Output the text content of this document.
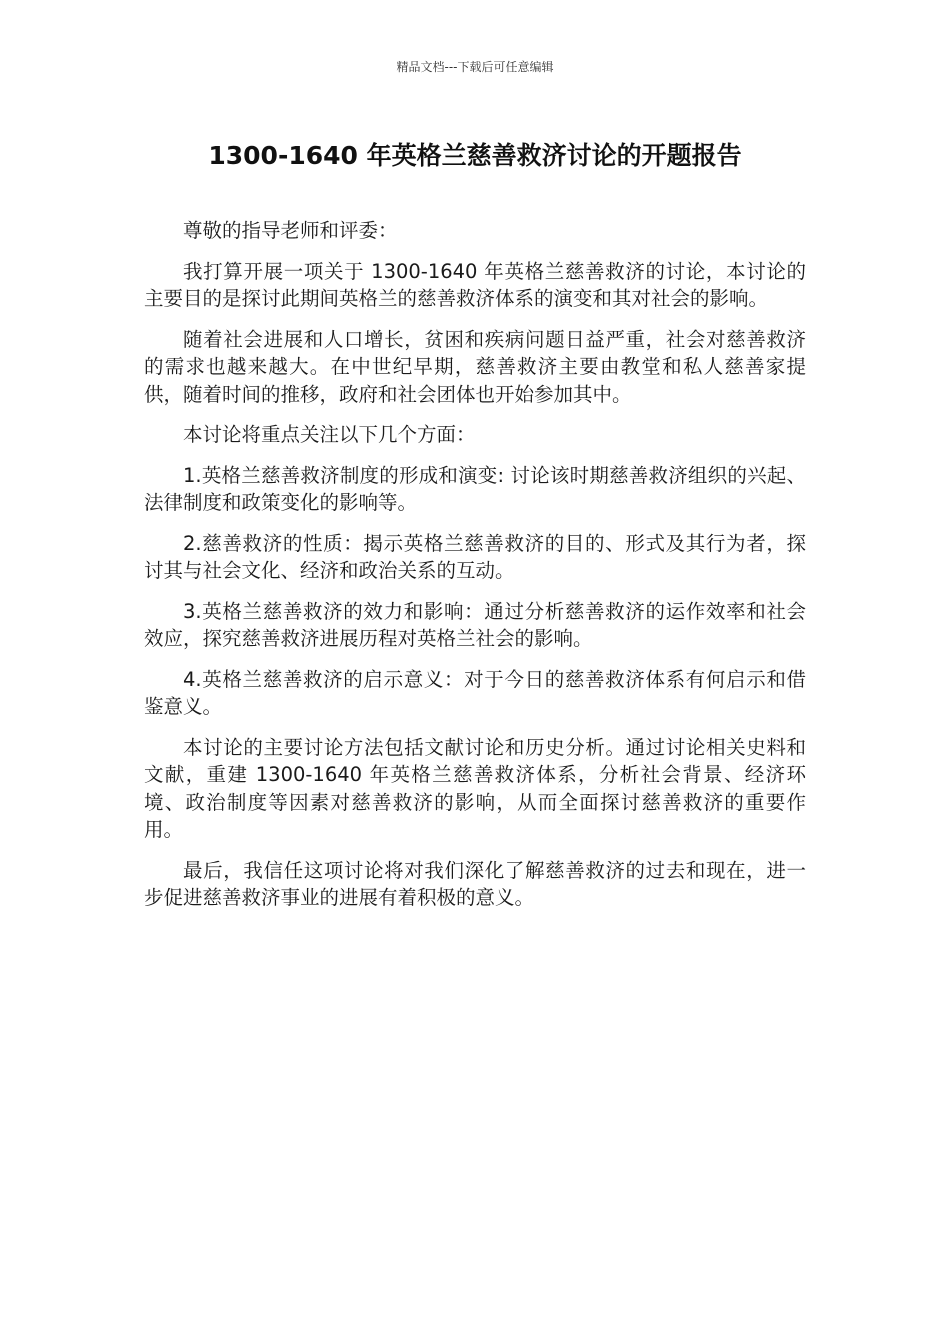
精品文档---下载后可任意编辑
1300-1640 年英格兰慈善救济讨论的开题报告

尊敬的指导老师和评委：

我打算开展一项关于 1300-1640 年英格兰慈善救济的讨论，本讨论的主要目的是探讨此期间英格兰的慈善救济体系的演变和其对社会的影响。

随着社会进展和人口增长，贫困和疾病问题日益严重，社会对慈善救济的需求也越来越大。在中世纪早期，慈善救济主要由教堂和私人慈善家提供，随着时间的推移，政府和社会团体也开始参加其中。

本讨论将重点关注以下几个方面：

1.英格兰慈善救济制度的形成和演变: 讨论该时期慈善救济组织的兴起、法律制度和政策变化的影响等。

2.慈善救济的性质：揭示英格兰慈善救济的目的、形式及其行为者，探讨其与社会文化、经济和政治关系的互动。

3.英格兰慈善救济的效力和影响：通过分析慈善救济的运作效率和社会效应，探究慈善救济进展历程对英格兰社会的影响。

4.英格兰慈善救济的启示意义：对于今日的慈善救济体系有何启示和借鉴意义。

本讨论的主要讨论方法包括文献讨论和历史分析。通过讨论相关史料和文献，重建 1300-1640 年英格兰慈善救济体系，分析社会背景、经济环境、政治制度等因素对慈善救济的影响，从而全面探讨慈善救济的重要作用。

最后，我信任这项讨论将对我们深化了解慈善救济的过去和现在，进一步促进慈善救济事业的进展有着积极的意义。
